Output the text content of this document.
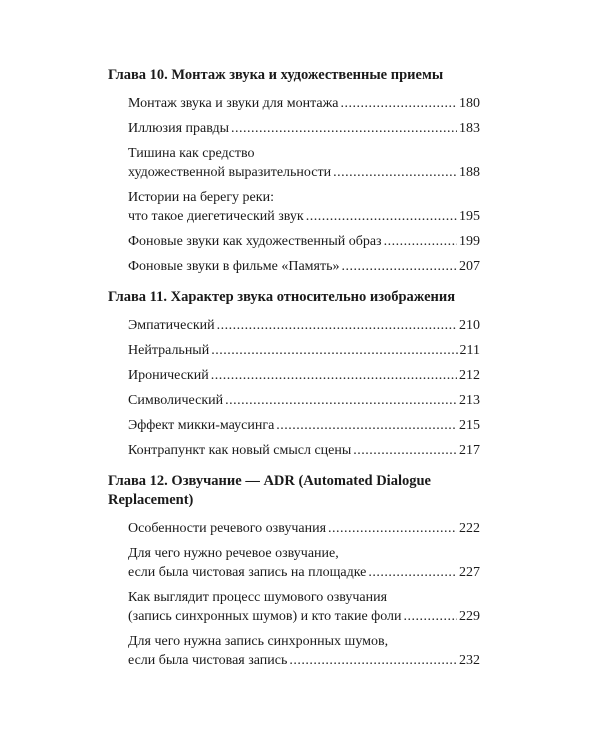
Глава 10. Монтаж звука и художественные приемы
Монтаж звука и звуки для монтажа .....	180
Иллюзия правды .....	183
Тишина как средство
художественной выразительности .....	188
Истории на берегу реки:
что такое диегетический звук .....	195
Фоновые звуки как художественный образ .....	199
Фоновые звуки в фильме «Память» .....	207
Глава 11. Характер звука относительно изображения
Эмпатический .....	210
Нейтральный .....	211
Иронический .....	212
Символический .....	213
Эффект микки-маусинга .....	215
Контрапункт как новый смысл сцены .....	217
Глава 12. Озвучание — ADR (Automated Dialogue Replacement)
Особенности речевого озвучания .....	222
Для чего нужно речевое озвучание,
если была чистовая запись на площадке .....	227
Как выглядит процесс шумового озвучания
(запись синхронных шумов) и кто такие фоли .....	229
Для чего нужна запись синхронных шумов,
если была чистовая запись .....	232
